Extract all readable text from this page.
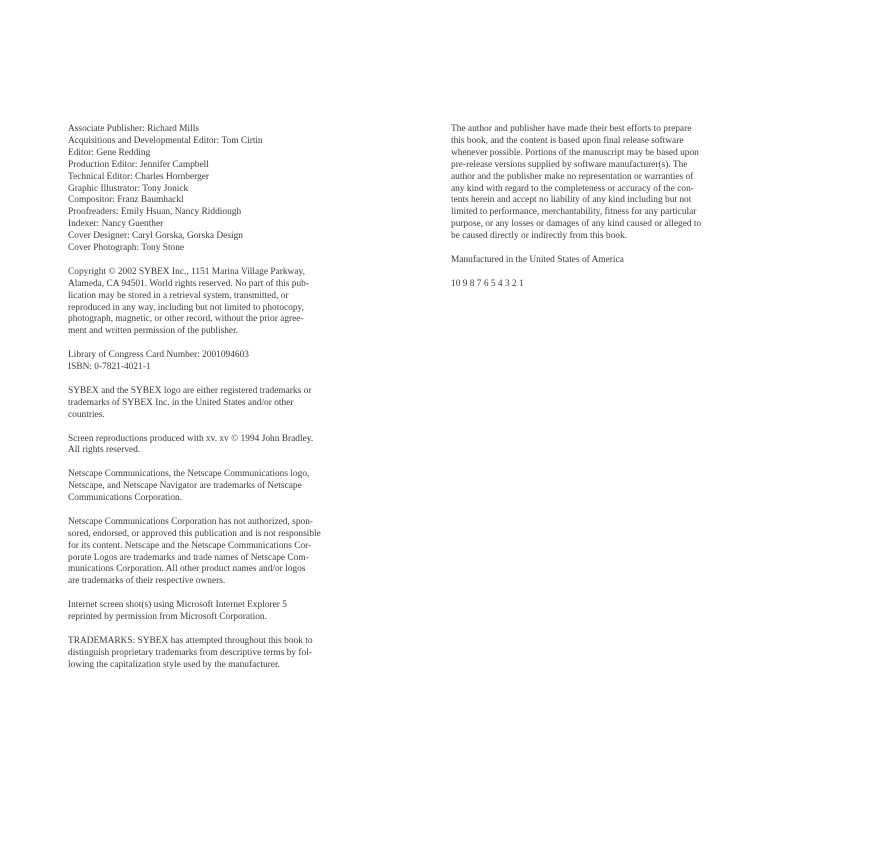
Associate Publisher: Richard Mills
Acquisitions and Developmental Editor: Tom Cirtin
Editor: Gene Redding
Production Editor: Jennifer Campbell
Technical Editor: Charles Hornberger
Graphic Illustrator: Tony Jonick
Compositor: Franz Baumhackl
Proofreaders: Emily Hsuan, Nancy Riddiough
Indexer: Nancy Guenther
Cover Designer: Caryl Gorska, Gorska Design
Cover Photograph: Tony Stone
Copyright © 2002 SYBEX Inc., 1151 Marina Village Parkway,
Alameda, CA 94501. World rights reserved. No part of this pub-
lication may be stored in a retrieval system, transmitted, or
reproduced in any way, including but not limited to photocopy,
photograph, magnetic, or other record, without the prior agree-
ment and written permission of the publisher.
Library of Congress Card Number: 2001094603
ISBN: 0-7821-4021-1
SYBEX and the SYBEX logo are either registered trademarks or
trademarks of SYBEX Inc. in the United States and/or other
countries.
Screen reproductions produced with xv. xv © 1994 John Bradley.
All rights reserved.
Netscape Communications, the Netscape Communications logo,
Netscape, and Netscape Navigator are trademarks of Netscape
Communications Corporation.
Netscape Communications Corporation has not authorized, spon-
sored, endorsed, or approved this publication and is not responsible
for its content. Netscape and the Netscape Communications Cor-
porate Logos are trademarks and trade names of Netscape Com-
munications Corporation. All other product names and/or logos
are trademarks of their respective owners.
Internet screen shot(s) using Microsoft Internet Explorer 5
reprinted by permission from Microsoft Corporation.
TRADEMARKS: SYBEX has attempted throughout this book to
distinguish proprietary trademarks from descriptive terms by fol-
lowing the capitalization style used by the manufacturer.
The author and publisher have made their best efforts to prepare
this book, and the content is based upon final release software
whenever possible. Portions of the manuscript may be based upon
pre-release versions supplied by software manufacturer(s). The
author and the publisher make no representation or warranties of
any kind with regard to the completeness or accuracy of the con-
tents herein and accept no liability of any kind including but not
limited to performance, merchantability, fitness for any particular
purpose, or any losses or damages of any kind caused or alleged to
be caused directly or indirectly from this book.
Manufactured in the United States of America
10 9 8 7 6 5 4 3 2 1
